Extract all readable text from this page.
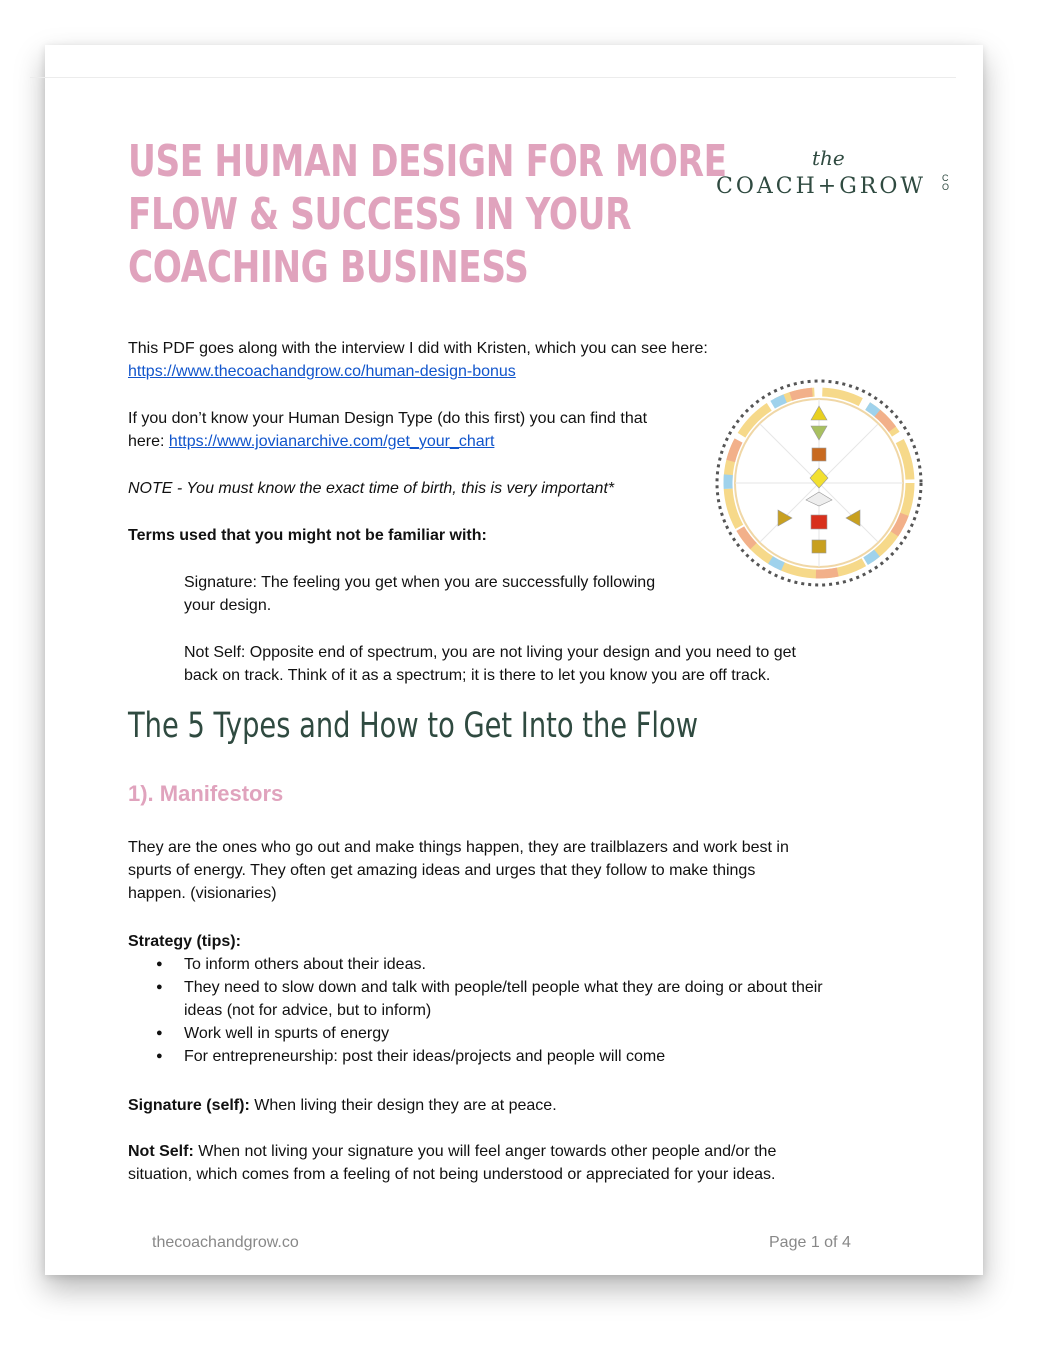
USE HUMAN DESIGN FOR MORE
FLOW & SUCCESS IN YOUR
COACHING BUSINESS
the
COACH+GROW CO

This PDF goes along with the interview I did with Kristen, which you can see here:

https://www.thecoachandgrow.co/human-design-bonus

If you don’t know your Human Design Type (do this first) you can find that

here: https://www.jovianarchive.com/get_your_chart

NOTE - You must know the exact time of birth, this is very important*

Terms used that you might not be familiar with:

Signature: The feeling you get when you are successfully following

your design.

Not Self: Opposite end of spectrum, you are not living your design and you need to get

back on track. Think of it as a spectrum; it is there to let you know you are off track.

The 5 Types and How to Get Into the Flow
1). Manifestors

They are the ones who go out and make things happen, they are trailblazers and work best in

spurts of energy. They often get amazing ideas and urges that they follow to make things

happen. (visionaries)

Strategy (tips):

● To inform others about their ideas.
● They need to slow down and talk with people/tell people what they are doing or about their ideas (not for advice, but to inform)
● Work well in spurts of energy
● For entrepreneurship: post their ideas/projects and people will come

Signature (self): When living their design they are at peace.

Not Self: When not living your signature you will feel anger towards other people and/or the

situation, which comes from a feeling of not being understood or appreciated for your ideas.

thecoachandgrow.co	Page 1 of 4
